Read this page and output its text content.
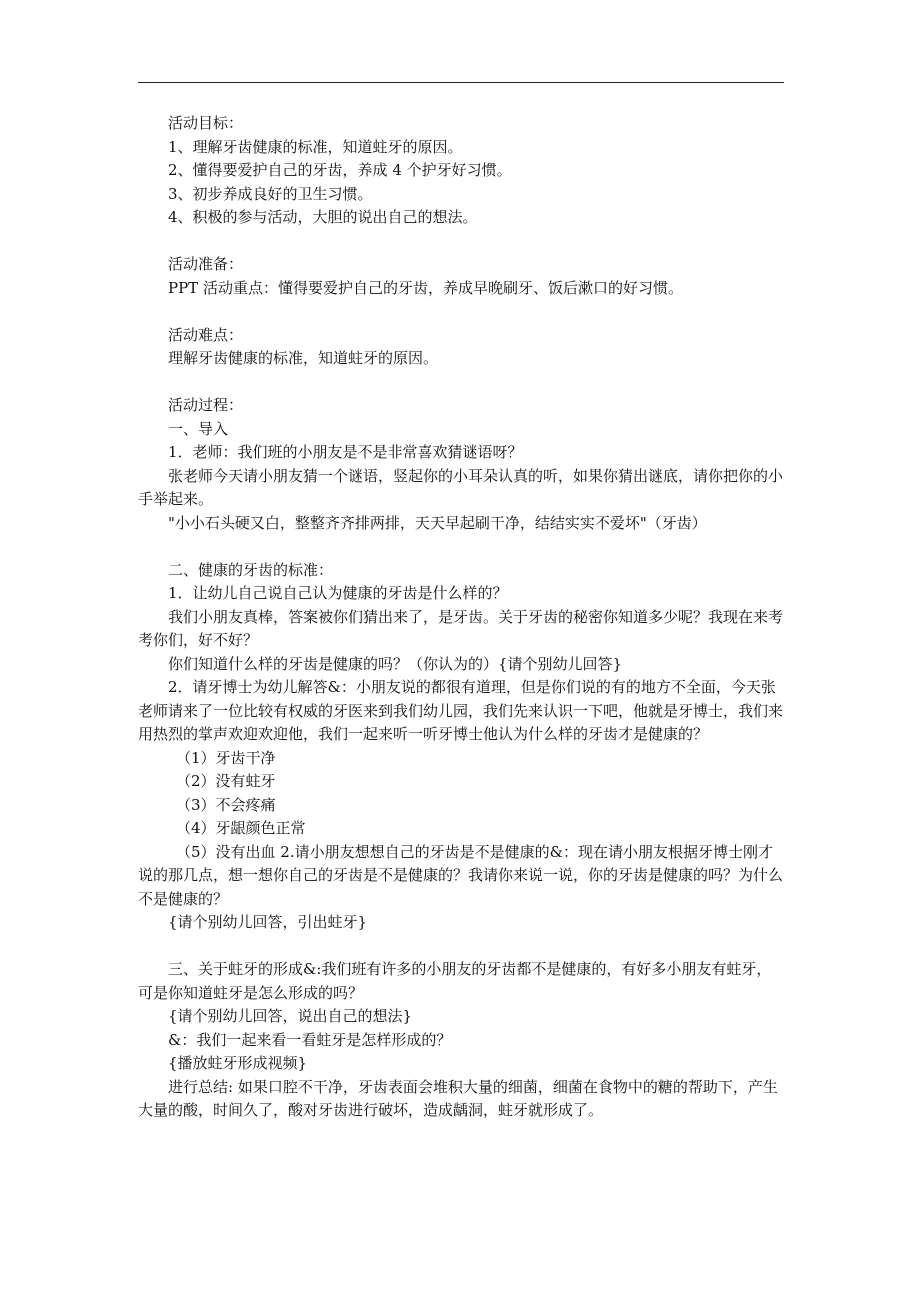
活动目标：

1、理解牙齿健康的标准，知道蛀牙的原因。

2、懂得要爱护自己的牙齿，养成 4 个护牙好习惯。

3、初步养成良好的卫生习惯。

4、积极的参与活动，大胆的说出自己的想法。

活动准备：

PPT 活动重点：懂得要爱护自己的牙齿，养成早晚刷牙、饭后漱口的好习惯。

活动难点：

理解牙齿健康的标准，知道蛀牙的原因。

活动过程：

一、导入

1．老师：我们班的小朋友是不是非常喜欢猜谜语呀？

张老师今天请小朋友猜一个谜语，竖起你的小耳朵认真的听，如果你猜出谜底，请你把你的小手举起来。

"小小石头硬又白，整整齐齐排两排，天天早起刷干净，结结实实不爱坏"（牙齿）

二、健康的牙齿的标准：

1．让幼儿自己说自己认为健康的牙齿是什么样的？

我们小朋友真棒，答案被你们猜出来了，是牙齿。关于牙齿的秘密你知道多少呢？我现在来考考你们，好不好？

你们知道什么样的牙齿是健康的吗？（你认为的）{请个别幼儿回答}

2．请牙博士为幼儿解答&：小朋友说的都很有道理，但是你们说的有的地方不全面，今天张老师请来了一位比较有权威的牙医来到我们幼儿园，我们先来认识一下吧，他就是牙博士，我们来用热烈的掌声欢迎欢迎他，我们一起来听一听牙博士他认为什么样的牙齿才是健康的？

（1）牙齿干净

（2）没有蛀牙

（3）不会疼痛

（4）牙龈颜色正常

（5）没有出血 2.请小朋友想想自己的牙齿是不是健康的&：现在请小朋友根据牙博士刚才说的那几点，想一想你自己的牙齿是不是健康的？我请你来说一说，你的牙齿是健康的吗？为什么不是健康的？

{请个别幼儿回答，引出蛀牙}

三、关于蛀牙的形成&:我们班有许多的小朋友的牙齿都不是健康的，有好多小朋友有蛀牙，可是你知道蛀牙是怎么形成的吗？

{请个别幼儿回答，说出自己的想法}

&：我们一起来看一看蛀牙是怎样形成的？

{播放蛀牙形成视频}

进行总结: 如果口腔不干净，牙齿表面会堆积大量的细菌，细菌在食物中的糖的帮助下，产生大量的酸，时间久了，酸对牙齿进行破坏，造成龋洞，蛀牙就形成了。
